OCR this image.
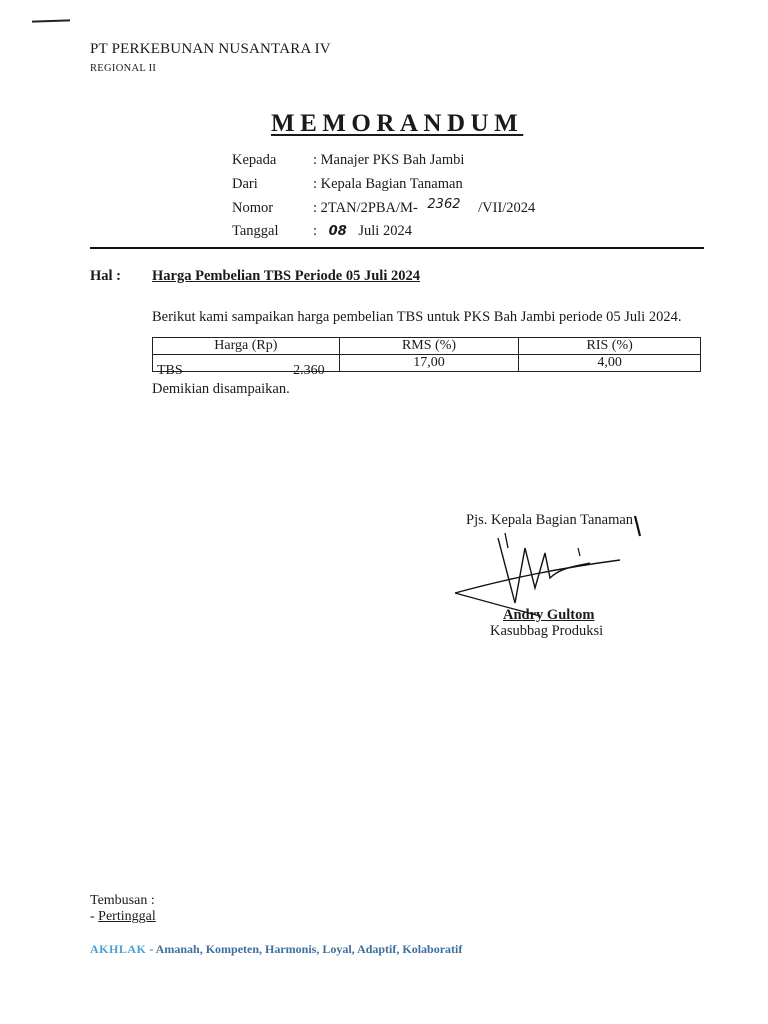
PT PERKEBUNAN NUSANTARA IV
REGIONAL II
MEMORANDUM
Kepada	: Manajer PKS Bah Jambi
Dari	: Kepala Bagian Tanaman
Nomor	: 2TAN/2PBA/M- 2362 /VII/2024
Tanggal : 08 Juli 2024
Hal : Harga Pembelian TBS Periode 05 Juli 2024
Berikut kami sampaikan harga pembelian TBS untuk PKS Bah Jambi periode 05 Juli 2024.
Harga (Rp)	RMS (%)	RIS (%)

TBS 2.360	17,00	4,00
Demikian disampaikan.
Pjs. Kepala Bagian Tanaman
Andry Gultom
Kasubbag Produksi
Tembusan :
- Pertinggal
AKHLAK - Amanah, Kompeten, Harmonis, Loyal, Adaptif, Kolaboratif
